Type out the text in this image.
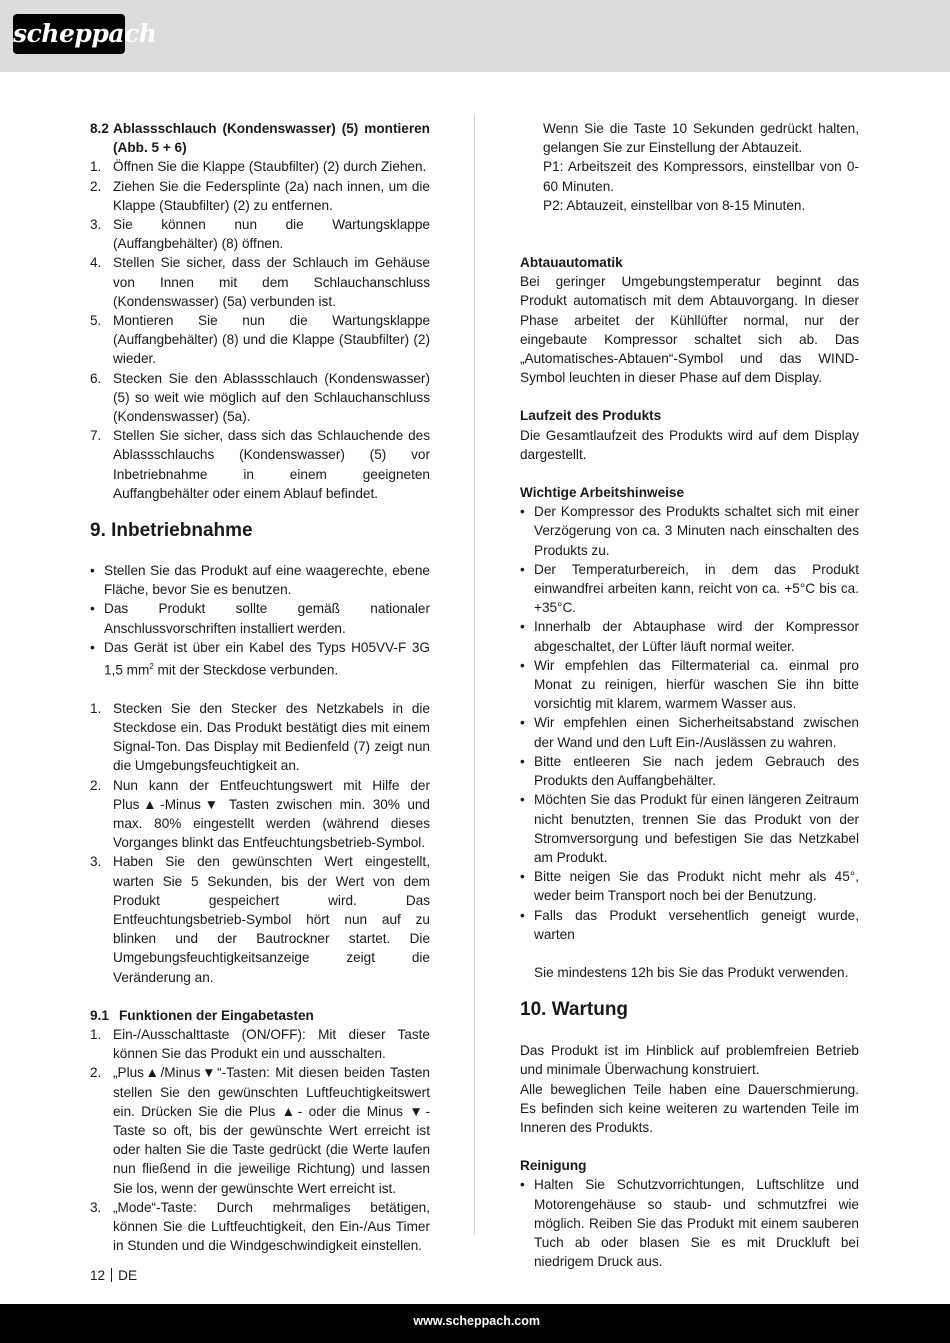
scheppach
8.2 Ablassschlauch (Kondenswasser) (5) montieren (Abb. 5 + 6)
1. Öffnen Sie die Klappe (Staubfilter) (2) durch Ziehen.
2. Ziehen Sie die Federsplinte (2a) nach innen, um die Klappe (Staubfilter) (2) zu entfernen.
3. Sie können nun die Wartungsklappe (Auffangbehälter) (8) öffnen.
4. Stellen Sie sicher, dass der Schlauch im Gehäuse von Innen mit dem Schlauchanschluss (Kondenswasser) (5a) verbunden ist.
5. Montieren Sie nun die Wartungsklappe (Auffangbehälter) (8) und die Klappe (Staubfilter) (2) wieder.
6. Stecken Sie den Ablassschlauch (Kondenswasser) (5) so weit wie möglich auf den Schlauchanschluss (Kondenswasser) (5a).
7. Stellen Sie sicher, dass sich das Schlauchende des Ablassschlauchs (Kondenswasser) (5) vor Inbetriebnahme in einem geeigneten Auffangbehälter oder einem Ablauf befindet.
9. Inbetriebnahme
• Stellen Sie das Produkt auf eine waagerechte, ebene Fläche, bevor Sie es benutzen.
• Das Produkt sollte gemäß nationaler Anschlussvorschriften installiert werden.
• Das Gerät ist über ein Kabel des Typs H05VV-F 3G 1,5 $mm^2$ mit der Steckdose verbunden.
1. Stecken Sie den Stecker des Netzkabels in die Steckdose ein. Das Produkt bestätigt dies mit einem Signal-Ton. Das Display mit Bedienfeld (7) zeigt nun die Umgebungsfeuchtigkeit an.
2. Nun kann der Entfeuchtungswert mit Hilfe der Plus▲-Minus▼ Tasten zwischen min. 30% und max. 80% eingestellt werden (während dieses Vorganges blinkt das Entfeuchtungsbetrieb-Symbol.
3. Haben Sie den gewünschten Wert eingestellt, warten Sie 5 Sekunden, bis der Wert von dem Produkt gespeichert wird. Das Entfeuchtungsbetrieb-Symbol hört nun auf zu blinken und der Bautrockner startet. Die Umgebungsfeuchtigkeitsanzeige zeigt die Veränderung an.
9.1 Funktionen der Eingabetasten
1. Ein-/Ausschalttaste (ON/OFF): Mit dieser Taste können Sie das Produkt ein und ausschalten.
2. „Plus▲/Minus▼“-Tasten: Mit diesen beiden Tasten stellen Sie den gewünschten Luftfeuchtigkeitswert ein. Drücken Sie die Plus ▲- oder die Minus ▼-Taste so oft, bis der gewünschte Wert erreicht ist oder halten Sie die Taste gedrückt (die Werte laufen nun fließend in die jeweilige Richtung) und lassen Sie los, wenn der gewünschte Wert erreicht ist.
3. „Mode“-Taste: Durch mehrmaliges betätigen, können Sie die Luftfeuchtigkeit, den Ein-/Aus Timer in Stunden und die Windgeschwindigkeit einstellen.

Wenn Sie die Taste 10 Sekunden gedrückt halten, gelangen Sie zur Einstellung der Abtauzeit.

P1: Arbeitszeit des Kompressors, einstellbar von 0-60 Minuten.

P2: Abtauzeit, einstellbar von 8-15 Minuten.

Abtauautomatik

Bei geringer Umgebungstemperatur beginnt das Produkt automatisch mit dem Abtauvorgang. In dieser Phase arbeitet der Kühllüfter normal, nur der eingebaute Kompressor schaltet sich ab. Das „Automatisches-Abtauen“-Symbol und das WIND-Symbol leuchten in dieser Phase auf dem Display.

Laufzeit des Produkts

Die Gesamtlaufzeit des Produkts wird auf dem Display dargestellt.

Wichtige Arbeitshinweise
• Der Kompressor des Produkts schaltet sich mit einer Verzögerung von ca. 3 Minuten nach einschalten des Produkts zu.
• Der Temperaturbereich, in dem das Produkt einwandfrei arbeiten kann, reicht von ca. +5°C bis ca. +35°C.
• Innerhalb der Abtauphase wird der Kompressor abgeschaltet, der Lüfter läuft normal weiter.
• Wir empfehlen das Filtermaterial ca. einmal pro Monat zu reinigen, hierfür waschen Sie ihn bitte vorsichtig mit klarem, warmem Wasser aus.
• Wir empfehlen einen Sicherheitsabstand zwischen der Wand und den Luft Ein-/Auslässen zu wahren.
• Bitte entleeren Sie nach jedem Gebrauch des Produkts den Auffangbehälter.
• Möchten Sie das Produkt für einen längeren Zeitraum nicht benutzten, trennen Sie das Produkt von der Stromversorgung und befestigen Sie das Netzkabel am Produkt.
• Bitte neigen Sie das Produkt nicht mehr als 45°, weder beim Transport noch bei der Benutzung.
• Falls das Produkt versehentlich geneigt wurde, warten

Sie mindestens 12h bis Sie das Produkt verwenden.

10. Wartung

Das Produkt ist im Hinblick auf problemfreien Betrieb und minimale Überwachung konstruiert.

Alle beweglichen Teile haben eine Dauerschmierung. Es befinden sich keine weiteren zu wartenden Teile im Inneren des Produkts.

Reinigung
• Halten Sie Schutzvorrichtungen, Luftschlitze und Motorengehäuse so staub- und schmutzfrei wie möglich. Reiben Sie das Produkt mit einem sauberen Tuch ab oder blasen Sie es mit Druckluft bei niedrigem Druck aus.
12 DE
www.scheppach.com
